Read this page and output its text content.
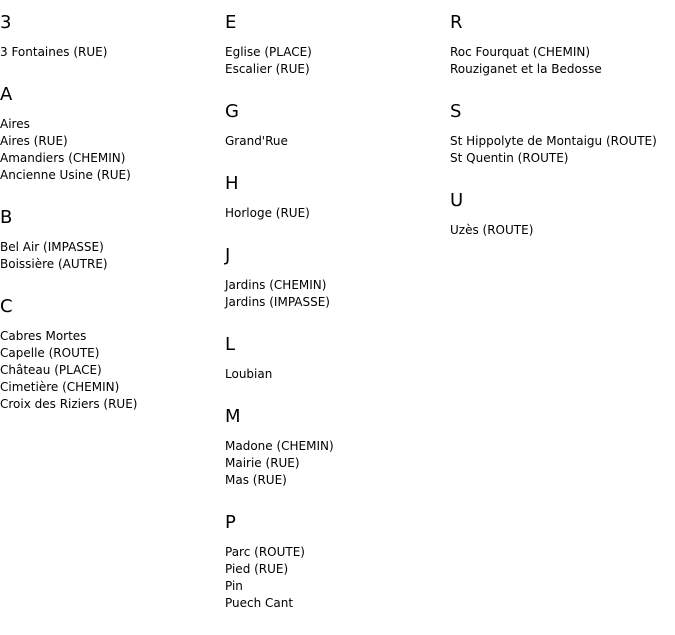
3
3 Fontaines (RUE)
A
Aires
Aires (RUE)
Amandiers (CHEMIN)
Ancienne Usine (RUE)
B
Bel Air (IMPASSE)
Boissière (AUTRE)
C
Cabres Mortes
Capelle (ROUTE)
Château (PLACE)
Cimetière (CHEMIN)
Croix des Riziers (RUE)
E
Eglise (PLACE)
Escalier (RUE)
G
Grand'Rue
H
Horloge (RUE)
J
Jardins (CHEMIN)
Jardins (IMPASSE)
L
Loubian
M
Madone (CHEMIN)
Mairie (RUE)
Mas (RUE)
P
Parc (ROUTE)
Pied (RUE)
Pin
Puech Cant
R
Roc Fourquat (CHEMIN)
Rouziganet et la Bedosse
S
St Hippolyte de Montaigu (ROUTE)
St Quentin (ROUTE)
U
Uzès (ROUTE)
